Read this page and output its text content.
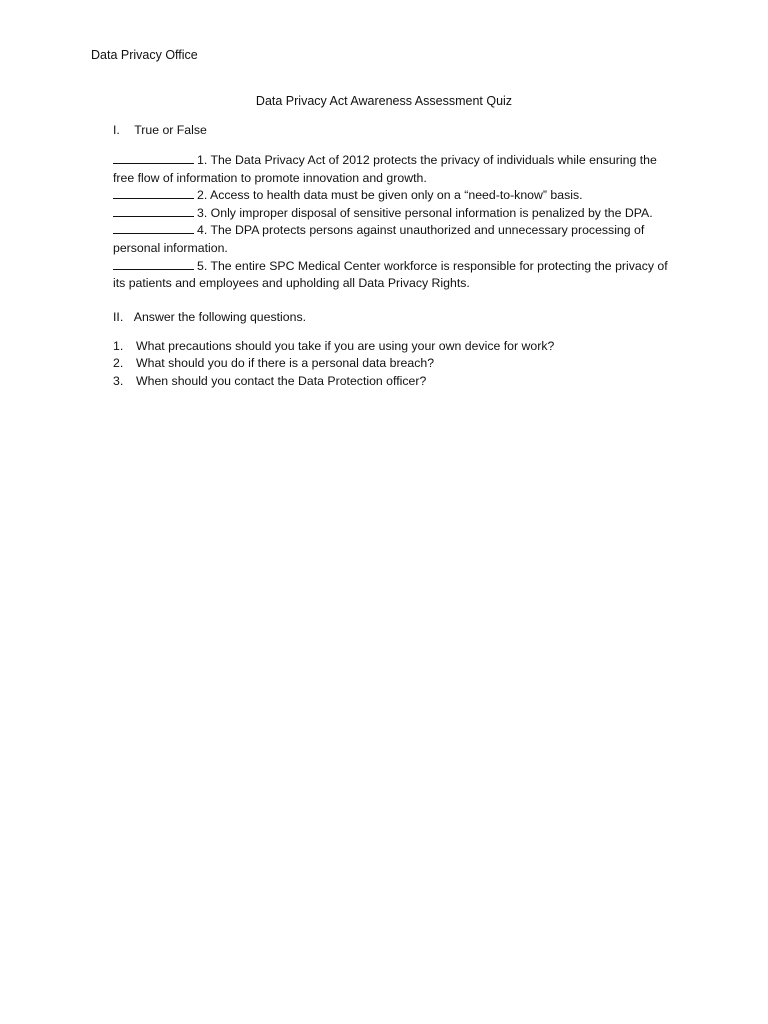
Data Privacy Office
Data Privacy Act Awareness Assessment Quiz
I. True or False

1. The Data Privacy Act of 2012 protects the privacy of individuals while ensuring the free flow of information to promote innovation and growth.

2. Access to health data must be given only on a “need-to-know” basis.

3. Only improper disposal of sensitive personal information is penalized by the DPA.

4. The DPA protects persons against unauthorized and unnecessary processing of personal information.

5. The entire SPC Medical Center workforce is responsible for protecting the privacy of its patients and employees and upholding all Data Privacy Rights.

II. Answer the following questions.
1.	What precautions should you take if you are using your own device for work?
2.	What should you do if there is a personal data breach?
3.	When should you contact the Data Protection officer?
